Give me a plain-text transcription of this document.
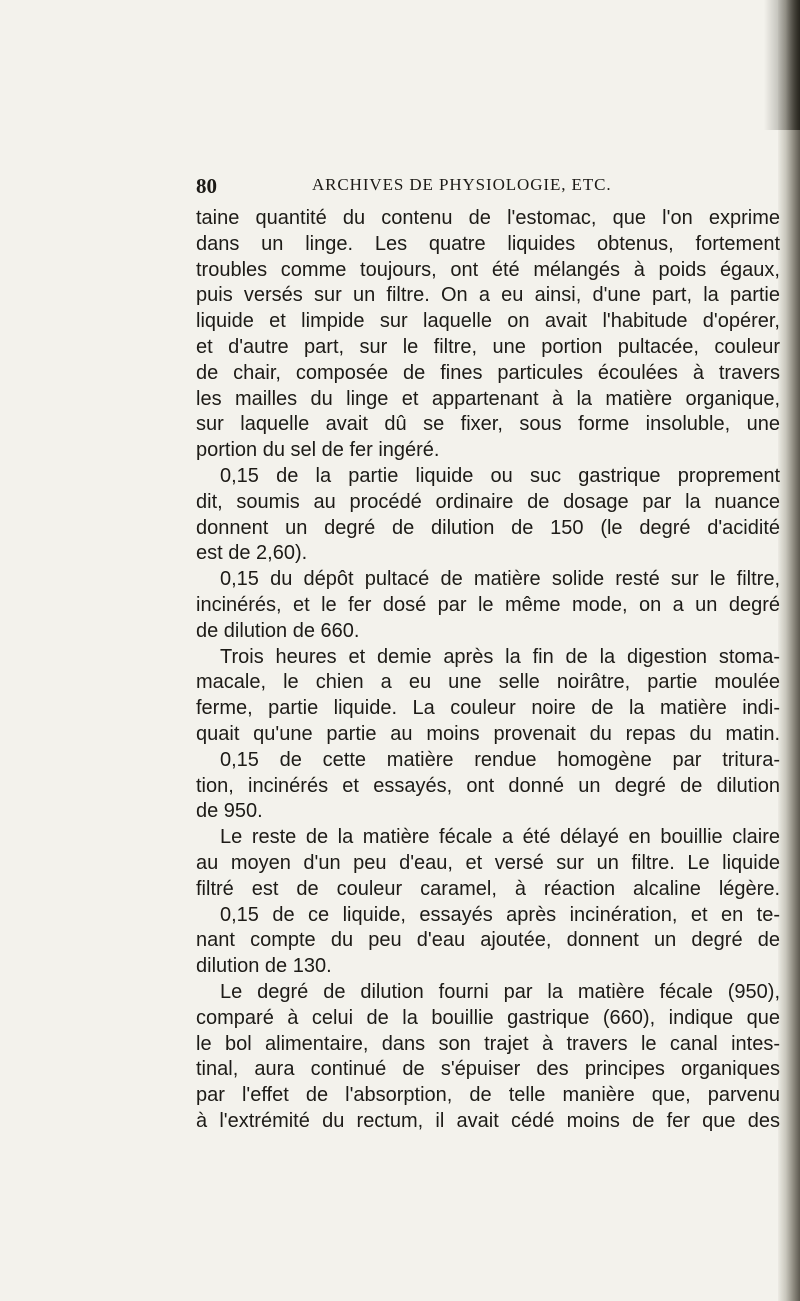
80	ARCHIVES DE PHYSIOLOGIE, ETC.
taine quantité du contenu de l'estomac, que l'on exprime
dans un linge. Les quatre liquides obtenus, fortement
troubles comme toujours, ont été mélangés à poids égaux,
puis versés sur un filtre. On a eu ainsi, d'une part, la partie
liquide et limpide sur laquelle on avait l'habitude d'opérer,
et d'autre part, sur le filtre, une portion pultacée, couleur
de chair, composée de fines particules écoulées à travers
les mailles du linge et appartenant à la matière organique,
sur laquelle avait dû se fixer, sous forme insoluble, une
portion du sel de fer ingéré.
0,15 de la partie liquide ou suc gastrique proprement
dit, soumis au procédé ordinaire de dosage par la nuance
donnent un degré de dilution de 150 (le degré d'acidité
est de 2,60).
0,15 du dépôt pultacé de matière solide resté sur le filtre,
incinérés, et le fer dosé par le même mode, on a un degré
de dilution de 660.
Trois heures et demie après la fin de la digestion stoma-
macale, le chien a eu une selle noirâtre, partie moulée
ferme, partie liquide. La couleur noire de la matière indi-
quait qu'une partie au moins provenait du repas du matin.
0,15 de cette matière rendue homogène par tritura-
tion, incinérés et essayés, ont donné un degré de dilution
de 950.
Le reste de la matière fécale a été délayé en bouillie claire
au moyen d'un peu d'eau, et versé sur un filtre. Le liquide
filtré est de couleur caramel, à réaction alcaline légère.
0,15 de ce liquide, essayés après incinération, et en te-
nant compte du peu d'eau ajoutée, donnent un degré de
dilution de 130.
Le degré de dilution fourni par la matière fécale (950),
comparé à celui de la bouillie gastrique (660), indique que
le bol alimentaire, dans son trajet à travers le canal intes-
tinal, aura continué de s'épuiser des principes organiques
par l'effet de l'absorption, de telle manière que, parvenu
à l'extrémité du rectum, il avait cédé moins de fer que des
